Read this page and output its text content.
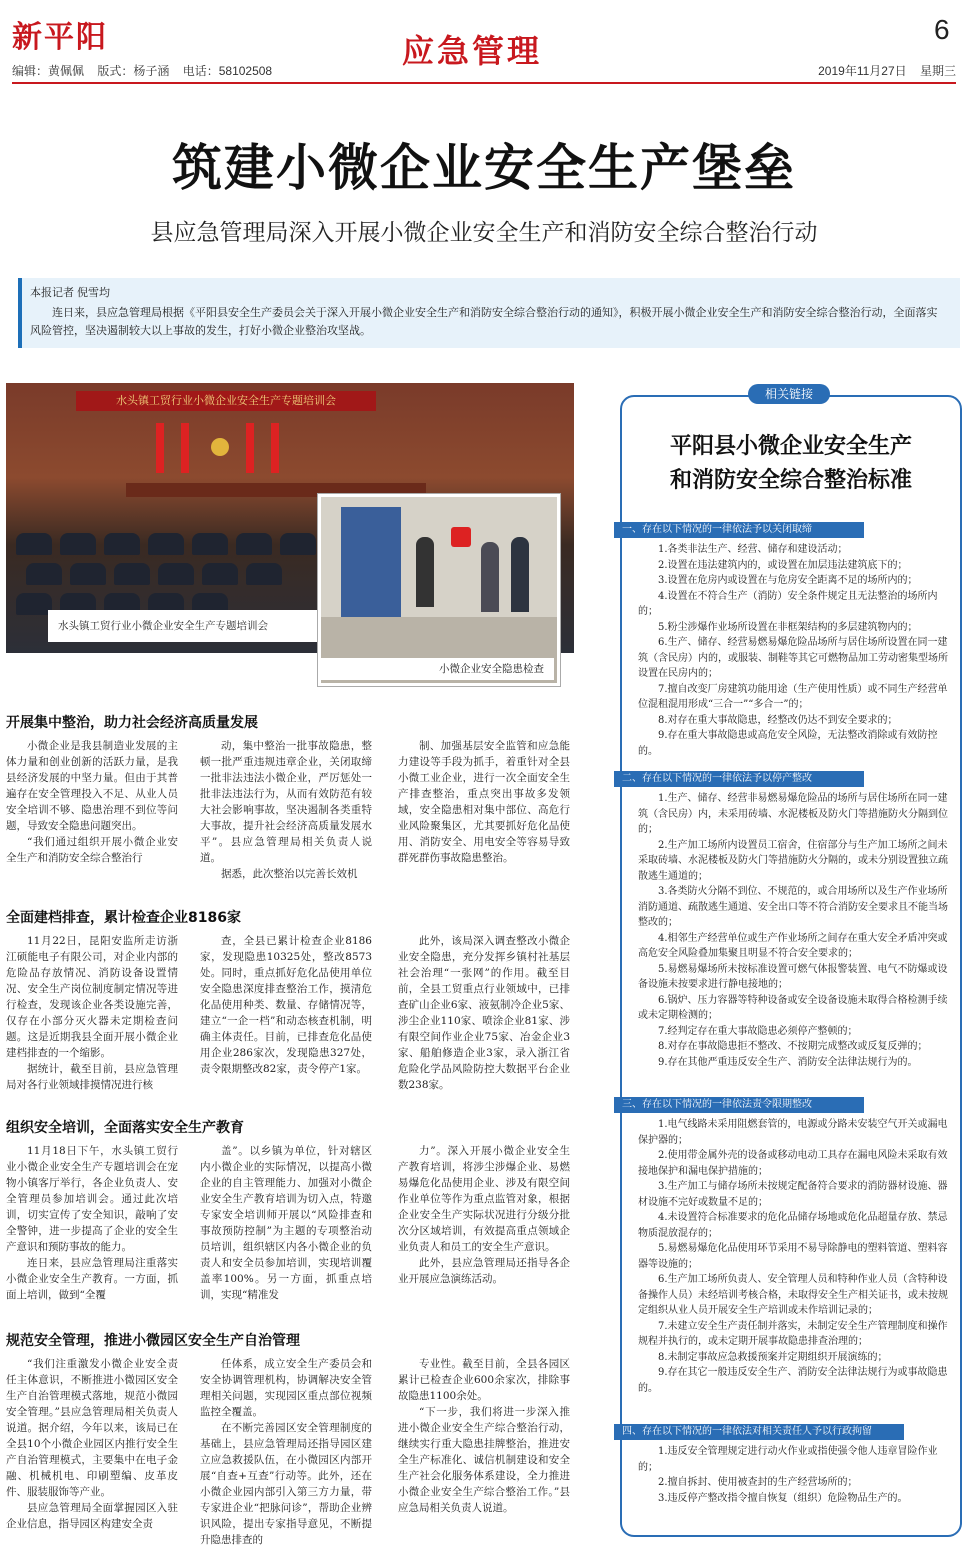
新平阳	应急管理
6
编辑：黄佩佩 版式：杨子涵 电话：58102508	2019年11月27日 星期三
筑建小微企业安全生产堡垒
县应急管理局深入开展小微企业安全生产和消防安全综合整治行动
本报记者 倪雪均
连日来，县应急管理局根据《平阳县安全生产委员会关于深入开展小微企业安全生产和消防安全综合整治行动的通知》，积极开展小微企业安全生产和消防安全综合整治行动，全面落实风险管控，坚决遏制较大以上事故的发生，打好小微企业整治攻坚战。
水头镇工贸行业小微企业安全生产专题培训会
水头镇工贸行业小微企业安全生产专题培训会
小微企业安全隐患检查
开展集中整治，助力社会经济高质量发展

小微企业是我县制造业发展的主体力量和创业创新的活跃力量，是我县经济发展的中坚力量。但由于其普遍存在安全管理投入不足、从业人员安全培训不够、隐患治理不到位等问题，导致安全隐患问题突出。

“我们通过组织开展小微企业安全生产和消防安全综合整治行

动，集中整治一批事故隐患，整顿一批严重违规违章企业，关闭取缔一批非法违法小微企业，严厉惩处一批非法违法行为，从而有效防范有较大社会影响事故，坚决遏制各类重特大事故，提升社会经济高质量发展水平”。县应急管理局相关负责人说道。

据悉，此次整治以完善长效机

制、加强基层安全监管和应急能力建设等手段为抓手，着重针对全县小微工业企业，进行一次全面安全生产排查整治，重点突出事故多发领域，安全隐患相对集中部位、高危行业风险聚集区，尤其要抓好危化品使用、消防安全、用电安全等容易导致群死群伤事故隐患整治。

全面建档排查，累计检查企业8186家

11月22日，昆阳安监所走访浙江硕能电子有限公司，对企业内部的危险品存放情况、消防设备设置情况、安全生产岗位制度制定情况等进行检查，发现该企业各类设施完善，仅存在小部分灭火器未定期检查问题。这是近期我县全面开展小微企业建档排查的一个缩影。

据统计，截至目前，县应急管理局对各行业领域排摸情况进行核

查，全县已累计检查企业8186家，发现隐患10325处，整改8573处。同时，重点抓好危化品使用单位安全隐患深度排查整治工作，摸清危化品使用种类、数量、存储情况等，建立“一企一档”和动态核查机制，明确主体责任。目前，已排查危化品使用企业286家次，发现隐患327处，责令限期整改82家，责令停产1家。

此外，该局深入调查整改小微企业安全隐患，充分发挥乡镇村社基层社会治理“一张网”的作用。截至目前，全县工贸重点行业领域中，已排查矿山企业6家、液氨制冷企业5家、涉尘企业110家、喷涂企业81家、涉有限空间作业企业75家、冶金企业3家、船舶修造企业3家，录入浙江省危险化学品风险防控大数据平台企业数238家。

组织安全培训，全面落实安全生产教育

11月18日下午，水头镇工贸行业小微企业安全生产专题培训会在宠物小镇客厅举行，各企业负责人、安全管理员参加培训会。通过此次培训，切实宣传了安全知识，敲响了安全警钟，进一步提高了企业的安全生产意识和预防事故的能力。

连日来，县应急管理局注重落实小微企业安全生产教育。一方面，抓面上培训，做到“全覆

盖”。以乡镇为单位，针对辖区内小微企业的实际情况，以提高小微企业的自主管理能力、加强对小微企业安全生产教育培训为切入点，特邀专家安全培训师开展以“风险排查和事故预防控制”为主题的专项整治动员培训，组织辖区内各小微企业的负责人和安全员参加培训，实现培训覆盖率100%。另一方面，抓重点培训，实现“精准发

力”。深入开展小微企业安全生产教育培训，将涉尘涉爆企业、易燃易爆危化品使用企业、涉及有限空间作业单位等作为重点监管对象，根据企业安全生产实际状况进行分级分批次分区域培训，有效提高重点领域企业负责人和员工的安全生产意识。

此外，县应急管理局还指导各企业开展应急演练活动。

规范安全管理，推进小微园区安全生产自治管理

“我们注重激发小微企业安全责任主体意识，不断推进小微园区安全生产自治管理模式落地，规范小微园安全管理。”县应急管理局相关负责人说道。据介绍，今年以来，该局已在全县10个小微企业园区内推行安全生产自治管理模式，主要集中在电子金融、机械机电、印刷塑编、皮革皮件、服装服饰等产业。

县应急管理局全面掌握园区入驻企业信息，指导园区构建安全责

任体系，成立安全生产委员会和安全协调管理机构，协调解决安全管理相关问题，实现园区重点部位视频监控全覆盖。

在不断完善园区安全管理制度的基础上，县应急管理局还指导园区建立应急救援队伍，在小微园区内部开展“自查+互查”行动等。此外，还在小微企业园内部引入第三方力量，带专家进企业“把脉问诊”，帮助企业辨识风险，提出专家指导意见，不断提升隐患排查的

专业性。截至目前，全县各园区累计已检查企业600余家次，排除事故隐患1100余处。

“下一步，我们将进一步深入推进小微企业安全生产综合整治行动，继续实行重大隐患挂牌整治，推进安全生产标准化、诚信机制建设和安全生产社会化服务体系建设，全力推进小微企业安全生产综合整治工作。”县应急局相关负责人说道。

相关链接
平阳县小微企业安全生产
和消防安全综合整治标准
一、存在以下情况的一律依法予以关闭取缔
1.各类非法生产、经营、储存和建设活动；
2.设置在违法建筑内的，或设置在加层违法建筑底下的；
3.设置在危房内或设置在与危房安全距离不足的场所内的；
4.设置在不符合生产（消防）安全条件规定且无法整治的场所内的；
5.粉尘涉爆作业场所设置在非框架结构的多层建筑物内的；
6.生产、储存、经营易燃易爆危险品场所与居住场所设置在同一建筑（含民房）内的，或服装、制鞋等其它可燃物品加工劳动密集型场所设置在民房内的；
7.擅自改变厂房建筑功能用途（生产使用性质）或不同生产经营单位混租混用形成“三合一”“多合一”的；
8.对存在重大事故隐患，经整改仍达不到安全要求的；
9.存在重大事故隐患或高危安全风险，无法整改消除或有效防控的。
二、存在以下情况的一律依法予以停产整改
1.生产、储存、经营非易燃易爆危险品的场所与居住场所在同一建筑（含民房）内，未采用砖墙、水泥楼板及防火门等措施防火分隔到位的；
2.生产加工场所内设置员工宿舍，住宿部分与生产加工场所之间未采取砖墙、水泥楼板及防火门等措施防火分隔的，或未分别设置独立疏散逃生通道的；
3.各类防火分隔不到位、不规范的，或合用场所以及生产作业场所消防通道、疏散逃生通道、安全出口等不符合消防安全要求且不能当场整改的；
4.相邻生产经营单位或生产作业场所之间存在重大安全矛盾冲突或高危安全风险叠加集聚且明显不符合安全要求的；
5.易燃易爆场所未按标准设置可燃气体报警装置、电气不防爆或设备设施未按要求进行静电接地的；
6.锅炉、压力容器等特种设备或安全设备设施未取得合格检测手续或未定期检测的；
7.经判定存在重大事故隐患必须停产整顿的；
8.对存在事故隐患拒不整改、不按期完成整改或反复反弹的；
9.存在其他严重违反安全生产、消防安全法律法规行为的。
三、存在以下情况的一律依法责令限期整改
1.电气线路未采用阻燃套管的，电源或分路未安装空气开关或漏电保护器的；
2.使用带金属外壳的设备或移动电动工具存在漏电风险未采取有效接地保护和漏电保护措施的；
3.生产加工与储存场所未按规定配备符合要求的消防器材设施、器材设施不完好或数量不足的；
4.未设置符合标准要求的危化品储存场地或危化品超量存放、禁忌物质混放混存的；
5.易燃易爆危化品使用环节采用不易导除静电的塑料管道、塑料容器等设施的；
6.生产加工场所负责人、安全管理人员和特种作业人员（含特种设备操作人员）未经培训考核合格，未取得安全生产相关证书，或未按规定组织从业人员开展安全生产培训或未作培训记录的；
7.未建立安全生产责任制并落实，未制定安全生产管理制度和操作规程并执行的，或未定期开展事故隐患排查治理的；
8.未制定事故应急救援预案并定期组织开展演练的；
9.存在其它一般违反安全生产、消防安全法律法规行为或事故隐患的。
四、存在以下情况的一律依法对相关责任人予以行政拘留
1.违反安全管理规定进行动火作业或指使强令他人违章冒险作业的；
2.擅自拆封、使用被查封的生产经营场所的；
3.违反停产整改指令擅自恢复（组织）危险物品生产的。
